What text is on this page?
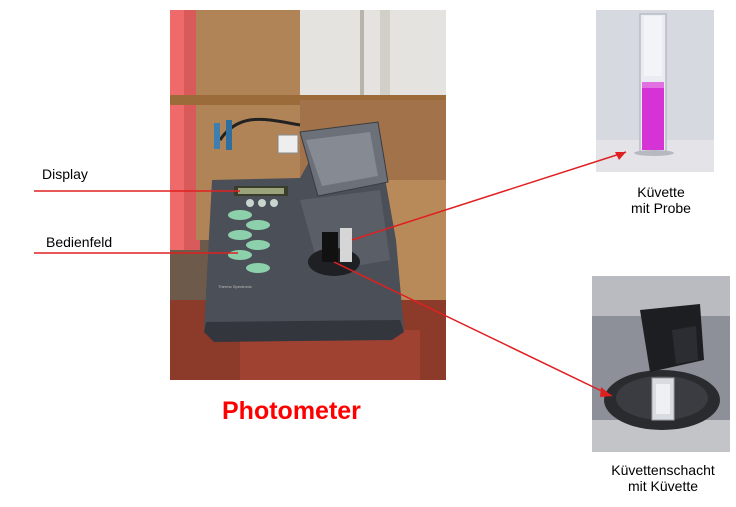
Thermo Spectronic
Display
Bedienfeld
Küvette
mit Probe
Küvettenschacht
mit Küvette
Photometer
